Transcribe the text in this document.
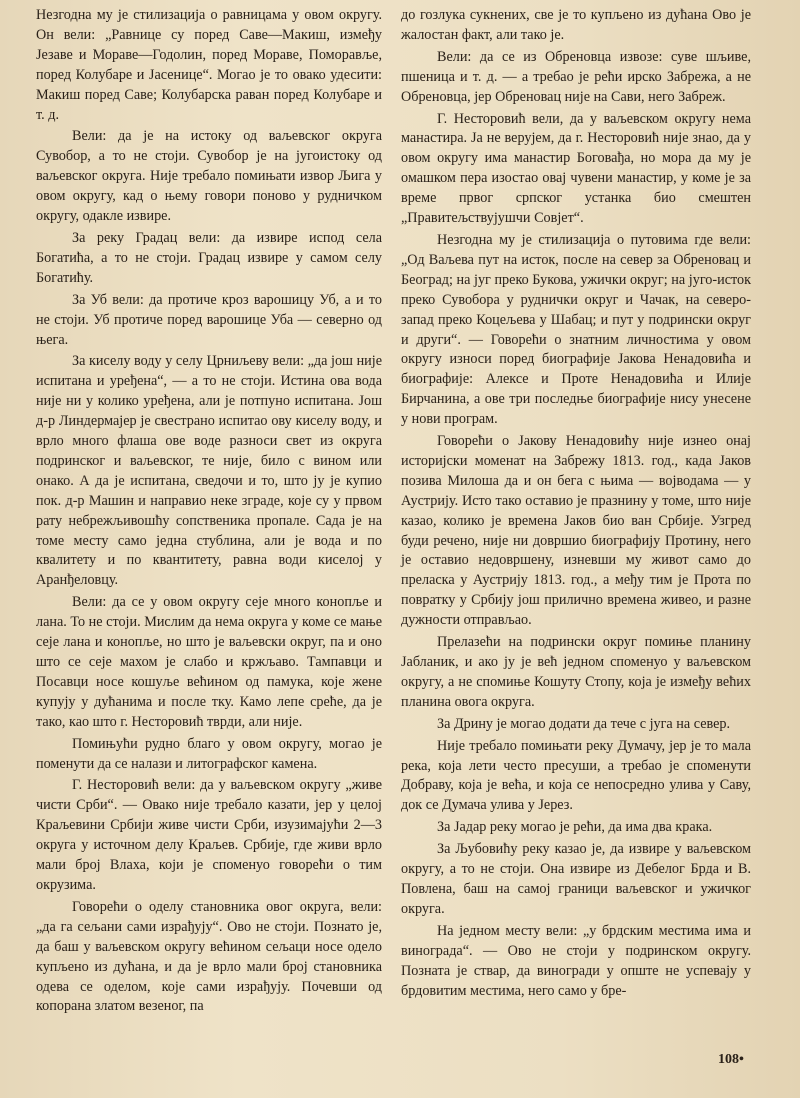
Незгодна му је стилизација о равницама у овом округу. Он вели: „Равнице су поред Саве—Макиш, између Језаве и Мораве—Годолин, поред Мораве, Поморавље, поред Колубаре и Јасенице“. Могао је то овако удесити: Макиш поред Саве; Колубарска раван поред Колубаре и т. д.

Вели: да је на истоку од ваљевског округа Сувобор, а то не стоји. Сувобор је на југоистоку од ваљевског округа. Није требало помињати извор Љига у овом округу, кад о њему говори поново у рудничком округу, одакле извире.

За реку Градац вели: да извире испод села Богатића, а то не стоји. Градац извире у самом селу Богатићу.

За Уб вели: да протиче кроз варошицу Уб, а и то не стоји. Уб протиче поред варошице Уба — северно од њега.

За киселу воду у селу Црниљеву вели: „да још није испитана и уређена“, — а то не стоји. Истина ова вода није ни у колико уређена, али је потпуно испитана. Још д-р Линдермајер је свестрано испитао ову киселу воду, и врло много флаша ове воде разноси свет из округа подринског и ваљевског, те није, било с вином или онако. А да је испитана, сведочи и то, што ју је купио пок. д-р Машин и направио неке зграде, које су у првом рату небрежљивошћу сопственика пропале. Сада је на томе месту само једна стублина, али је вода и по квалитету и по квантитету, равна води киселој у Аранђеловцу.

Вели: да се у овом округу сеје много конопље и лана. То не стоји. Мислим да нема округа у коме се мање сеје лана и конопље, но што је ваљевски округ, па и оно што се сеје махом је слабо и кржљаво. Тампавци и Посавци носе кошуље већином од памука, које жене купују у дућанима и после тку. Камо лепе среће, да је тако, као што г. Несторовић тврди, али није.

Помињући рудно благо у овом округу, могао је поменути да се налази и литографског камена.

Г. Несторовић вели: да у ваљевском округу „живе чисти Срби“. — Овако није требало казати, јер у целој Краљевини Србији живе чисти Срби, изузимајући 2—3 округа у источном делу Краљев. Србије, где живи врло мали број Влаха, који је споменуо говорећи о тим окрузима.

Говорећи о оделу становника овог округа, вели: „да га сељани сами израђују“. Ово не стоји. Познато је, да баш у ваљевском округу већином сељаци носе одело купљено из дућана, и да је врло мали број становника одева се оделом, које сами израђују. Почевши од копорана златом везеног, па

до гозлука сукнених, све је то купљено из дућана Ово је жалостан факт, али тако је.

Вели: да се из Обреновца извозе: суве шљиве, пшеница и т. д. — а требао је рећи ирско Забрежа, а не Обреновца, јер Обреновац није на Сави, него Забреж.

Г. Несторовић вели, да у ваљевском округу нема манастира. Ја не верујем, да г. Несторовић није знао, да у овом округу има манастир Боговађа, но мора да му је омашком пера изостао овај чувени манастир, у коме је за време првог српског устанка био смештен „Правитељствујушчи Совјет“.

Незгодна му је стилизација о путовима где вели: „Од Ваљева пут на исток, после на север за Обреновац и Београд; на југ преко Букова, ужички округ; на југо-исток преко Сувобора у руднички округ и Чачак, на северо-запад преко Коцељева у Шабац; и пут у подрински округ и други“. — Говорећи о знатним личностима у овом округу износи поред биографије Јакова Ненадовића и биографије: Алексе и Проте Ненадовића и Илије Бирчанина, а ове три последње биографије нису унесене у нови програм.

Говорећи о Јакову Ненадовићу није изнео онај историјски моменат на Забрежу 1813. год., када Јаков позива Милоша да и он бега с њима — војводама — у Аустрију. Исто тако оставио је празнину у томе, што није казао, колико је времена Јаков био ван Србије. Узгред буди речено, није ни довршио биографију Протину, него је оставио недовршену, изневши му живот само до преласка у Аустрију 1813. год., а међу тим је Прота по повратку у Србију још прилично времена живео, и разне дужности отправљао.

Прелазећи на подрински округ помиње планину Јабланик, и ако ју је већ једном споменуо у ваљевском округу, а не спомиње Кошуту Стопу, која је између већих планина овога округа.

За Дрину је могао додати да тече с југа на север.

Није требало помињати реку Думачу, јер је то мала река, која лети често пресуши, а требао је споменути Добраву, која је већа, и која се непосредно улива у Саву, док се Думача улива у Јерез.

За Јадар реку могао је рећи, да има два крака.

За Љубовићу реку казао је, да извире у ваљевском округу, а то не стоји. Она извире из Дебелог Брда и В. Повлена, баш на самој граници ваљевског и ужичког округа.

На једном месту вели: „у брдским местима има и винограда“. — Ово не стоји у подринском округу. Позната је ствар, да виногради у опште не успевају у брдовитим местима, него само у бре-

108•
